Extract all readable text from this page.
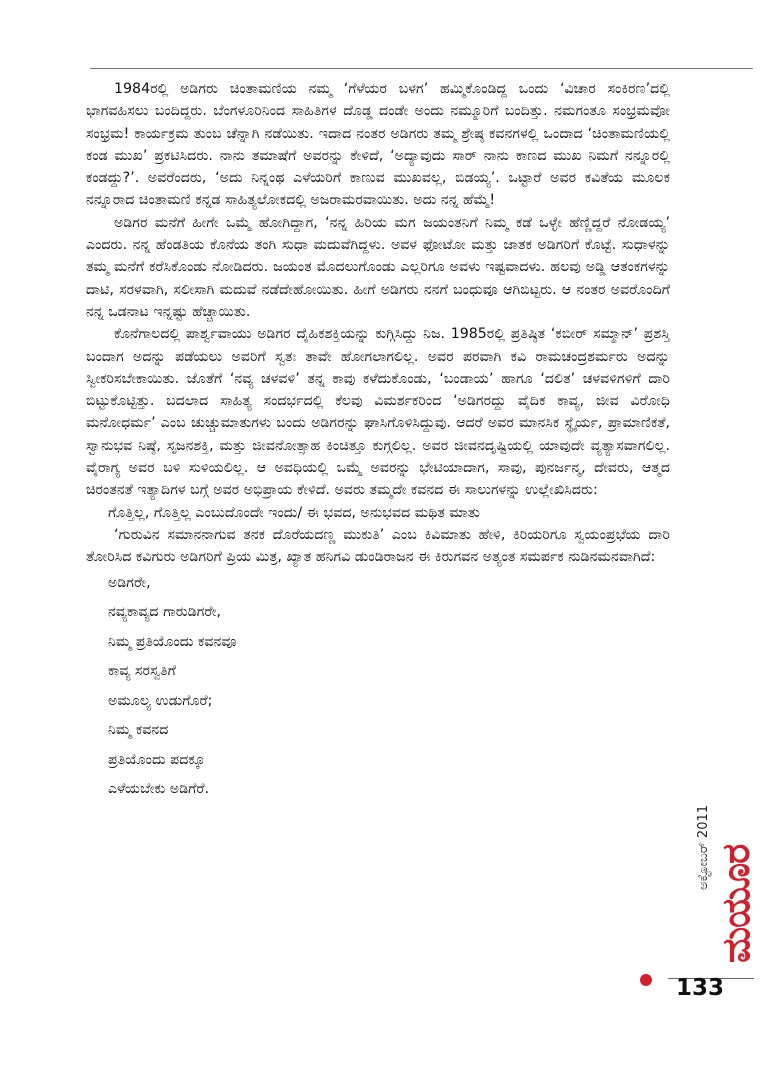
1984ರಲ್ಲಿ ಅಡಿಗರು ಚಿಂತಾಮಣಿಯ ನಮ್ಮ ‘ಗೆಳೆಯರ ಬಳಗ’ ಹಮ್ಮಿಕೊಂಡಿದ್ದ ಒಂದು ‘ವಿಚಾರ ಸಂಕಿರಣ’ದಲ್ಲಿ ಭಾಗವಹಿಸಲು ಬಂದಿದ್ದರು. ಬೆಂಗಳೂರಿನಿಂದ ಸಾಹಿತಿಗಳ ದೊಡ್ಡ ದಂಡೇ ಅಂದು ನಮ್ಮೂರಿಗೆ ಬಂದಿತ್ತು. ನಮಗಂತೂ ಸಂಭ್ರಮವೋ ಸಂಭ್ರಮ! ಕಾರ್ಯಕ್ರಮ ತುಂಬ ಚೆನ್ನಾಗಿ ನಡೆಯಿತು. ಇದಾದ ನಂತರ ಅಡಿಗರು ತಮ್ಮ ಶ್ರೇಷ್ಠ ಕವನಗಳಲ್ಲಿ ಒಂದಾದ ‘ಚಿಂತಾಮಣಿಯಲ್ಲಿ ಕಂಡ ಮುಖ’ ಪ್ರಕಟಿಸಿದರು. ನಾನು ತಮಾಷೆಗೆ ಅವರನ್ನು ಕೇಳಿದೆ, ‘ಅದ್ಯಾವುದು ಸಾರ್ ನಾನು ಕಾಣದ ಮುಖ ನಿಮಗೆ ನನ್ನೂರಲ್ಲಿ ಕಂಡದ್ದು?’. ಅವರೆಂದರು, ‘ಅದು ನಿನ್ನಂಥ ಎಳೆಯರಿಗೆ ಕಾಣುವ ಮುಖವಲ್ಲ, ಬಿಡಯ್ಯ’. ಒಟ್ಟಾರೆ ಅವರ ಕವಿತೆಯ ಮೂಲಕ ನನ್ನೂರಾದ ಚಿಂತಾಮಣಿ ಕನ್ನಡ ಸಾಹಿತ್ಯಲೋಕದಲ್ಲಿ ಅಜರಾಮರವಾಯಿತು. ಅದು ನನ್ನ ಹೆಮ್ಮೆ!

ಅಡಿಗರ ಮನೆಗೆ ಹೀಗೇ ಒಮ್ಮೆ ಹೋಗಿದ್ದಾಗ, ‘ನನ್ನ ಹಿರಿಯ ಮಗ ಜಯಂತನಿಗೆ ನಿಮ್ಮ ಕಡೆ ಒಳ್ಳೇ ಹೆಣ್ಣಿದ್ದರೆ ನೋಡಯ್ಯ’ ಎಂದರು. ನನ್ನ ಹೆಂಡತಿಯ ಕೊನೆಯ ತಂಗಿ ಸುಧಾ ಮದುವೆಗಿದ್ದಳು. ಅವಳ ಫೋಟೋ ಮತ್ತು ಜಾತಕ ಅಡಿಗರಿಗೆ ಕೊಟ್ಟೆ. ಸುಧಾಳನ್ನು ತಮ್ಮ ಮನೆಗೆ ಕರೆಸಿಕೊಂಡು ನೋಡಿದರು. ಜಯಂತ ಮೊದಲುಗೊಂಡು ಎಲ್ಲರಿಗೂ ಅವಳು ಇಷ್ಟವಾದಳು. ಹಲವು ಅಡ್ಡಿ ಆತಂಕಗಳನ್ನು ದಾಟಿ, ಸರಳವಾಗಿ, ಸಲೀಸಾಗಿ ಮದುವೆ ನಡೆದೇಹೋಯಿತು. ಹೀಗೆ ಅಡಿಗರು ನನಗೆ ಬಂಧುವೂ ಆಗಿಬಿಟ್ಟರು. ಆ ನಂತರ ಅವರೊಂದಿಗೆ ನನ್ನ ಒಡನಾಟ ಇನ್ನಷ್ಟು ಹೆಚ್ಚಾಯಿತು.

ಕೊನೆಗಾಲದಲ್ಲಿ ಪಾರ್ಶ್ವವಾಯು ಅಡಿಗರ ದೈಹಿಕಶಕ್ತಿಯನ್ನು ಕುಗ್ಗಿಸಿದ್ದು ನಿಜ. 1985ರಲ್ಲಿ ಪ್ರತಿಷ್ಠಿತ ‘ಕಬೀರ್ ಸಮ್ಮಾನ್’ ಪ್ರಶಸ್ತಿ ಬಂದಾಗ ಅದನ್ನು ಪಡೆಯಲು ಅವರಿಗೆ ಸ್ವತಃ ತಾವೇ ಹೋಗಲಾಗಲಿಲ್ಲ. ಅವರ ಪರವಾಗಿ ಕವಿ ರಾಮಚಂದ್ರಶರ್ಮರು ಅದನ್ನು ಸ್ವೀಕರಿಸಬೇಕಾಯಿತು. ಜೊತೆಗೆ ‘ನವ್ಯ ಚಳವಳಿ’ ತನ್ನ ಕಾವು ಕಳೆದುಕೊಂಡು, ‘ಬಂಡಾಯ’ ಹಾಗೂ ‘ದಲಿತ’ ಚಳವಳಿಗಳಿಗೆ ದಾರಿ ಬಿಟ್ಟುಕೊಟ್ಟಿತ್ತು. ಬದಲಾದ ಸಾಹಿತ್ಯ ಸಂದರ್ಭದಲ್ಲಿ ಕೆಲವು ವಿಮರ್ಶಕರಿಂದ ‘ಅಡಿಗರದ್ದು ವೈದಿಕ ಕಾವ್ಯ, ಜೀವ ವಿರೋಧಿ ಮನೋಧರ್ಮ’ ಎಂಬ ಚುಚ್ಚುಮಾತುಗಳು ಬಂದು ಅಡಿಗರನ್ನು ಘಾಸಿಗೊಳಿಸಿದ್ದುವು. ಆದರೆ ಅವರ ಮಾನಸಿಕ ಸ್ಥೈರ್ಯ, ಪ್ರಾಮಾಣಿಕತೆ, ಸ್ವಾನುಭವ ನಿಷ್ಠೆ, ಸೃಜನಶಕ್ತಿ, ಮತ್ತು ಜೀವನೋತ್ಸಾಹ ಕಿಂಚಿತ್ತೂ ಕುಗ್ಗಲಿಲ್ಲ. ಅವರ ಜೀವನದೃಷ್ಟಿಯಲ್ಲಿ ಯಾವುದೇ ವ್ಯತ್ಯಾಸವಾಗಲಿಲ್ಲ. ವೈರಾಗ್ಯ ಅವರ ಬಳಿ ಸುಳಿಯಲಿಲ್ಲ. ಆ ಅವಧಿಯಲ್ಲಿ ಒಮ್ಮೆ ಅವರನ್ನು ಭೇಟಿಯಾದಾಗ, ಸಾವು, ಪುನರ್ಜನ್ಮ, ದೇವರು, ಆತ್ಮದ ಚಿರಂತನತೆ ಇತ್ಯಾದಿಗಳ ಬಗ್ಗೆ ಅವರ ಅಭಿಪ್ರಾಯ ಕೇಳಿದೆ. ಅವರು ತಮ್ಮದೇ ಕವನದ ಈ ಸಾಲುಗಳನ್ನು ಉಲ್ಲೇಖಿಸಿದರು:

ಗೊತ್ತಿಲ್ಲ, ಗೊತ್ತಿಲ್ಲ ಎಂಬುದೊಂದೇ ಇಂದು/ ಈ ಭವದ, ಅನುಭವದ ಮಥಿತ ಮಾತು

‘ಗುರುವಿನ ಸಮಾನನಾಗುವ ತನಕ ದೊರೆಯದಣ್ಣ ಮುಕುತಿ’ ಎಂಬ ಕಿವಿಮಾತು ಹೇಳಿ, ಕಿರಿಯರಿಗೂ ಸ್ವಯಂಪ್ರಭೆಯ ದಾರಿ ತೋರಿಸಿದ ಕವಿಗುರು ಅಡಿಗರಿಗೆ ಪ್ರಿಯ ಮಿತ್ರ, ಖ್ಯಾತ ಹನಿಗವಿ ಡುಂಡಿರಾಜನ ಈ ಕಿರುಗವನ ಅತ್ಯಂತ ಸಮರ್ಪಕ ನುಡಿನಮನವಾಗಿದೆ:

ಅಡಿಗರೇ,
ನವ್ಯಕಾವ್ಯದ ಗಾರುಡಿಗರೇ,
ನಿಮ್ಮ ಪ್ರತಿಯೊಂದು ಕವನವೂ
ಕಾವ್ಯ ಸರಸ್ವತಿಗೆ
ಅಮೂಲ್ಯ ಉಡುಗೊರೆ;
ನಿಮ್ಮ ಕವನದ
ಪ್ರತಿಯೊಂದು ಪದಕ್ಕೂ
ಎಳೆಯಬೇಕು ಅಡಿಗೆರೆ.
ಅಕ್ಟೋಬರ್ 2011 ಮಯೂರ
133
